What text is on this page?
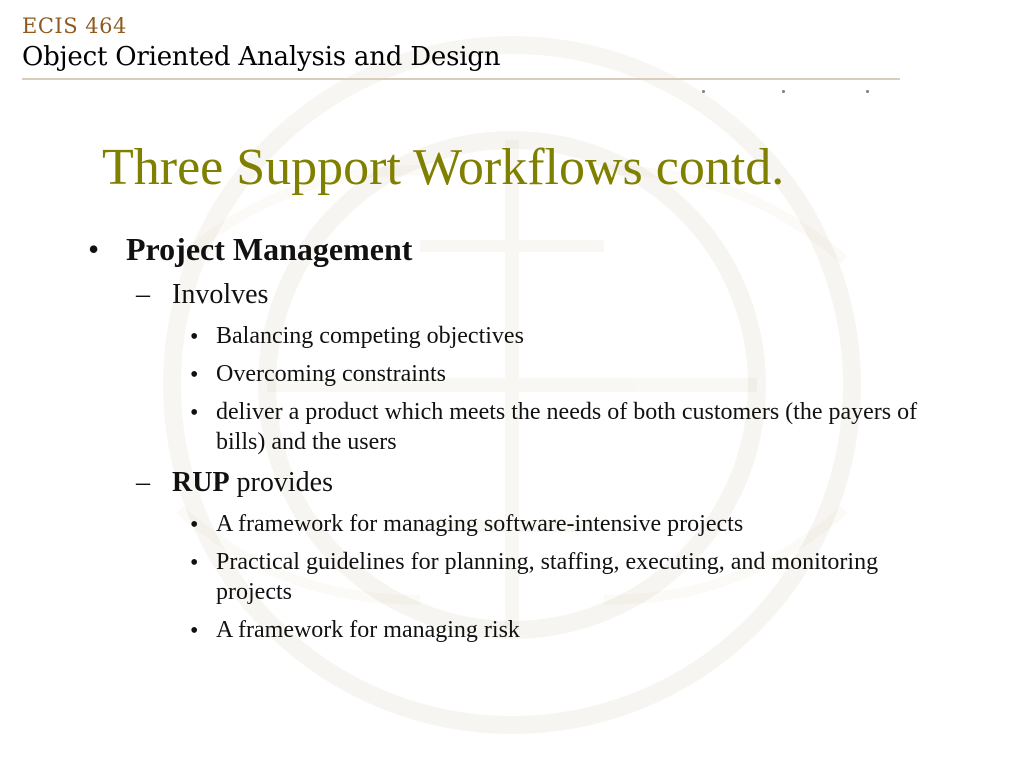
ECIS 464
Object Oriented Analysis and Design
Three Support Workflows contd.
• Project Management
– Involves
• Balancing competing objectives
• Overcoming constraints
• deliver a product which meets the needs of both customers (the payers of bills) and the users
– RUP provides
• A framework for managing software-intensive projects
• Practical guidelines for planning, staffing, executing, and monitoring projects
• A framework for managing risk
